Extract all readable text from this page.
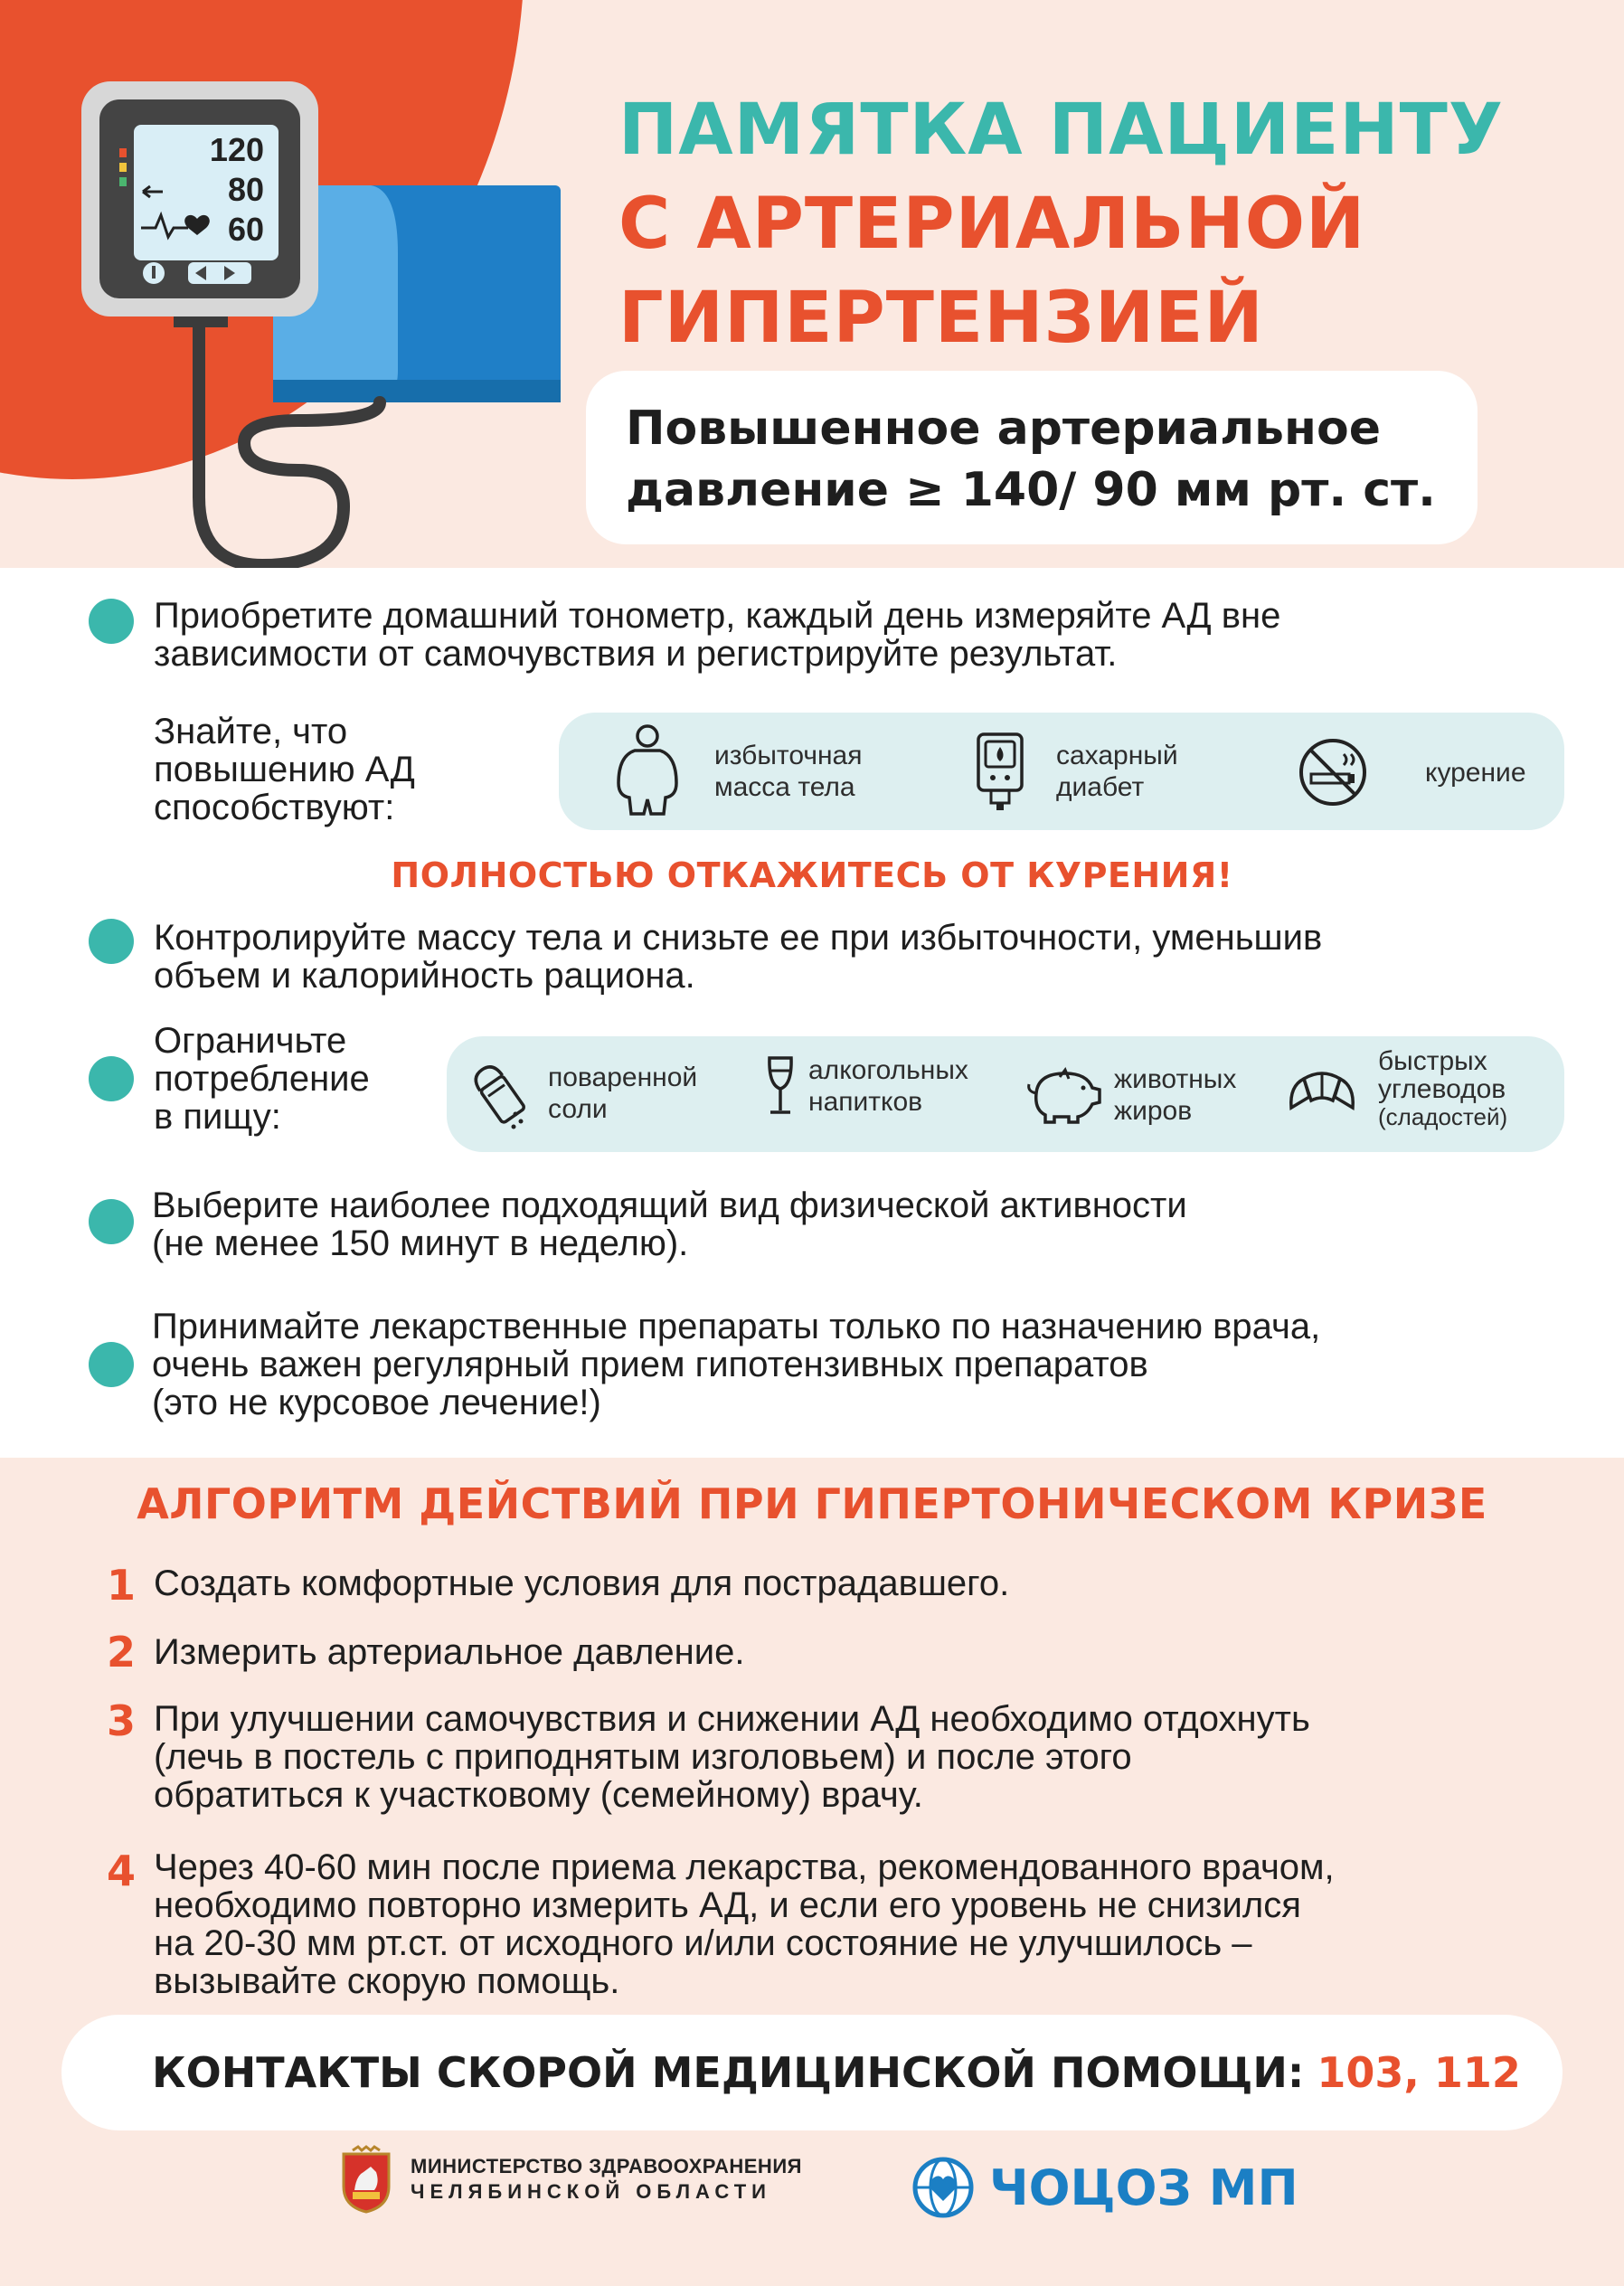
120
80
60
ПАМЯТКА ПАЦИЕНТУ
С АРТЕРИАЛЬНОЙ
ГИПЕРТЕНЗИЕЙ
Повышенное артериальное
давление ≥ 140/ 90 мм рт. ст.
Приобретите домашний тонометр, каждый день измеряйте АД вне
зависимости от самочувствия и регистрируйте результат.
Знайте, что
повышению АД
способствуют:
избыточная
масса тела
сахарный
диабет	курение
ПОЛНОСТЬЮ ОТКАЖИТЕСЬ ОТ КУРЕНИЯ!
Контролируйте массу тела и снизьте ее при избыточности, уменьшив
объем и калорийность рациона.
Ограничьте
потребление
в пищу:
поваренной
соли
алкогольных
напитков
животных
жиров
быстрых
углеводов
(сладостей)
Выберите наиболее подходящий вид физической активности
(не менее 150 минут в неделю).
Принимайте лекарственные препараты только по назначению врача,
очень важен регулярный прием гипотензивных препаратов
(это не курсовое лечение!)
АЛГОРИТМ ДЕЙСТВИЙ ПРИ ГИПЕРТОНИЧЕСКОМ КРИЗЕ
1 Создать комфортные условия для пострадавшего.
2 Измерить артериальное давление.
3 При улучшении самочувствия и снижении АД необходимо отдохнуть
(лечь в постель с приподнятым изголовьем) и после этого
обратиться к участковому (семейному) врачу.
4 Через 40-60 мин после приема лекарства, рекомендованного врачом,
необходимо повторно измерить АД, и если его уровень не снизился
на 20-30 мм рт.ст. от исходного и/или состояние не улучшилось –
вызывайте скорую помощь.
КОНТАКТЫ СКОРОЙ МЕДИЦИНСКОЙ ПОМОЩИ: 103, 112
МИНИСТЕРСТВО ЗДРАВООХРАНЕНИЯ
ЧЕЛЯБИНСКОЙ ОБЛАСТИ	ЧОЦОЗ МП
